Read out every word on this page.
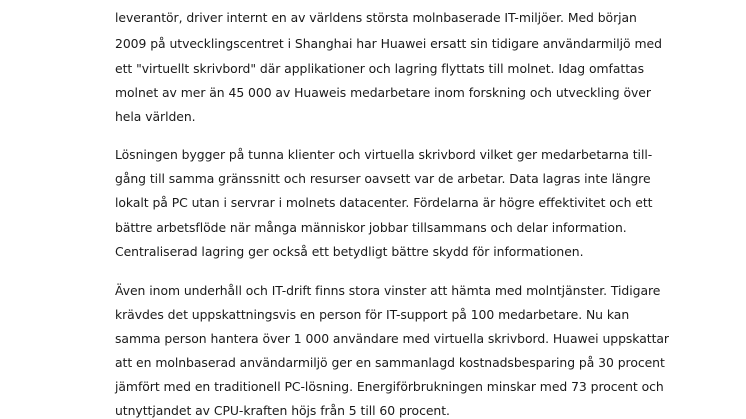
leverantör, driver internt en av världens största molnbaserade IT-miljöer. Med början

2009 på utvecklingscentret i Shanghai har Huawei ersatt sin tidigare användarmiljö med

ett "virtuellt skrivbord" där applikationer och lagring flyttats till molnet. Idag omfattas

molnet av mer än 45 000 av Huaweis medarbetare inom forskning och utveckling över

hela världen.

Lösningen bygger på tunna klienter och virtuella skrivbord vilket ger medarbetarna till-

gång till samma gränssnitt och resurser oavsett var de arbetar. Data lagras inte längre

lokalt på PC utan i servrar i molnets datacenter. Fördelarna är högre effektivitet och ett

bättre arbetsflöde när många människor jobbar tillsammans och delar information.

Centraliserad lagring ger också ett betydligt bättre skydd för informationen.

Även inom underhåll och IT-drift finns stora vinster att hämta med molntjänster. Tidigare

krävdes det uppskattningsvis en person för IT-support på 100 medarbetare. Nu kan

samma person hantera över 1 000 användare med virtuella skrivbord. Huawei uppskattar

att en molnbaserad användarmiljö ger en sammanlagd kostnadsbesparing på 30 procent

jämfört med en traditionell PC-lösning. Energiförbrukningen minskar med 73 procent och

utnyttjandet av CPU-kraften höjs från 5 till 60 procent.
